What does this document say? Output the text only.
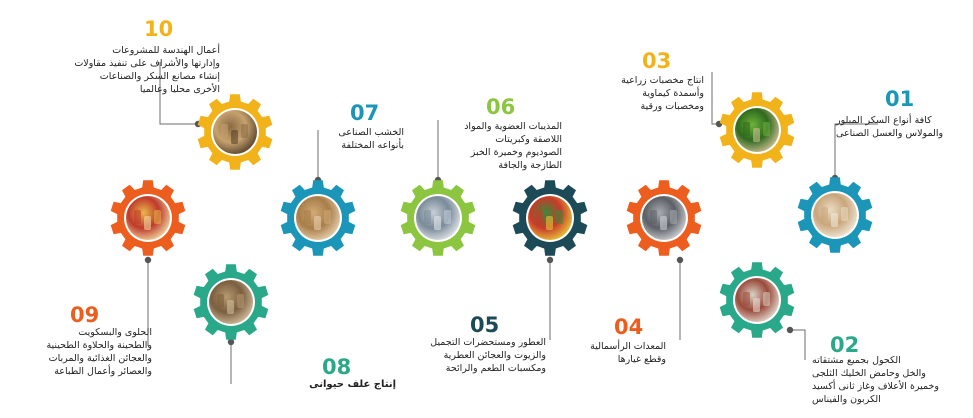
01
02
03
04
05
06
07
08
09
10
كافة أنواع السكر المبلور
والمولاس والعسل الصناعى
الكحول بجميع مشتقاته
والخل وحامض الخليك الثلجى
وخميرة الأعلاف وغاز ثانى أكسيد
الكربون والفيناس
انتاج مخصبات زراعية
وأسمدة كيماوية
ومخصبات ورقية
المعدات الرأسمالية
وقطع غيارها
العطور ومستحضرات التجميل
والزيوت والعجائن العطرية
ومكسبات الطعم والرائحة
المذيبات العضوية والمواد
اللاصقة وكبريتات
الصوديوم وخميرة الخبز
الطازجة والجافة
الخشب الصناعى
بأنواعه المختلفة
إنتاج علف حيوانى
الحلوى والبسكويت
والطحينة والحلاوة الطحينية
والعجائن الغذائية والمربات
والعصائر وأعمال الطباعة
أعمال الهندسة للمشروعات
وإدارتها والأشراف على تنفيذ مقاولات
إنشاء مصانع السكر والصناعات
الأخرى محليا وعالميا
